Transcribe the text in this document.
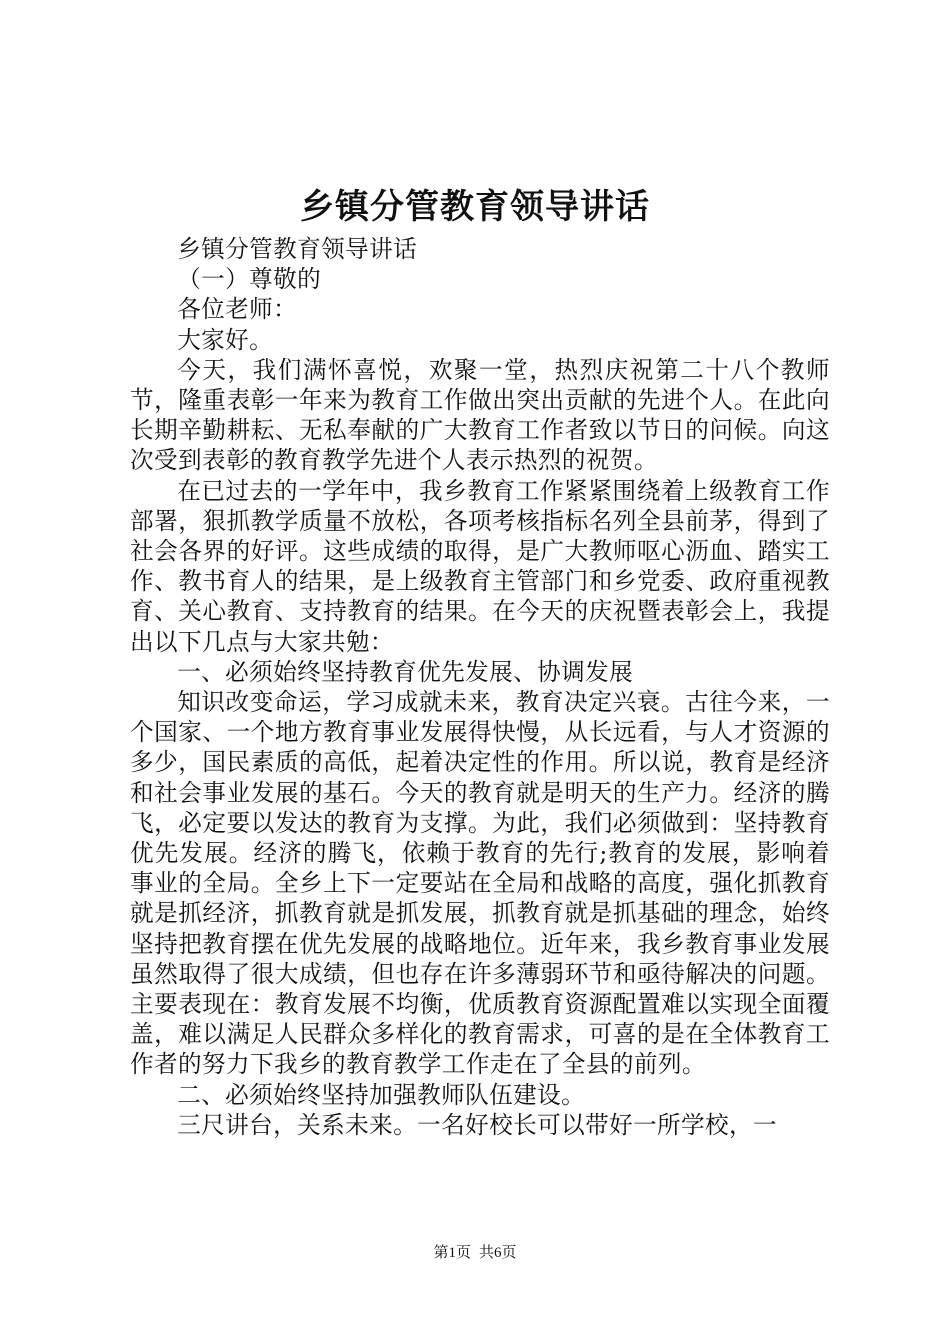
乡镇分管教育领导讲话

乡镇分管教育领导讲话

（一）尊敬的

各位老师：

大家好。

今天，我们满怀喜悦，欢聚一堂，热烈庆祝第二十八个教师节，隆重表彰一年来为教育工作做出突出贡献的先进个人。在此向长期辛勤耕耘、无私奉献的广大教育工作者致以节日的问候。向这次受到表彰的教育教学先进个人表示热烈的祝贺。

在已过去的一学年中，我乡教育工作紧紧围绕着上级教育工作部署，狠抓教学质量不放松，各项考核指标名列全县前茅，得到了社会各界的好评。这些成绩的取得，是广大教师呕心沥血、踏实工作、教书育人的结果，是上级教育主管部门和乡党委、政府重视教育、关心教育、支持教育的结果。在今天的庆祝暨表彰会上，我提出以下几点与大家共勉：

一、必须始终坚持教育优先发展、协调发展

知识改变命运，学习成就未来，教育决定兴衰。古往今来，一个国家、一个地方教育事业发展得快慢，从长远看，与人才资源的多少，国民素质的高低，起着决定性的作用。所以说，教育是经济和社会事业发展的基石。今天的教育就是明天的生产力。经济的腾飞，必定要以发达的教育为支撑。为此，我们必须做到：坚持教育优先发展。经济的腾飞，依赖于教育的先行;教育的发展，影响着事业的全局。全乡上下一定要站在全局和战略的高度，强化抓教育就是抓经济，抓教育就是抓发展，抓教育就是抓基础的理念，始终坚持把教育摆在优先发展的战略地位。近年来，我乡教育事业发展虽然取得了很大成绩，但也存在许多薄弱环节和亟待解决的问题。主要表现在：教育发展不均衡，优质教育资源配置难以实现全面覆盖，难以满足人民群众多样化的教育需求，可喜的是在全体教育工作者的努力下我乡的教育教学工作走在了全县的前列。

二、必须始终坚持加强教师队伍建设。

三尺讲台，关系未来。一名好校长可以带好一所学校，一

第1页 共6页
